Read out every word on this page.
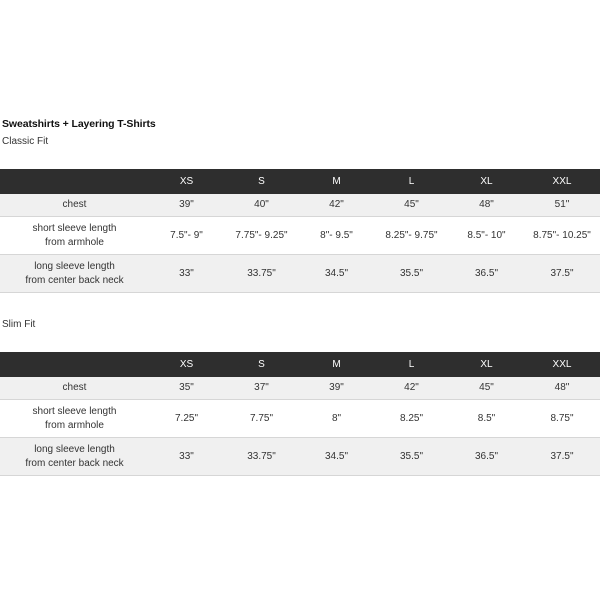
Sweatshirts + Layering T-Shirts
Classic Fit
	XS	S	M	L	XL	XXL
chest	39"	40"	42"	45"	48"	51"
short sleeve length
from armhole	7.5"- 9"	7.75"- 9.25"	8"- 9.5"	8.25"- 9.75"	8.5"- 10"	8.75"- 10.25"
long sleeve length
from center back neck	33"	33.75"	34.5"	35.5"	36.5"	37.5"
Slim Fit
	XS	S	M	L	XL	XXL
chest	35"	37"	39"	42"	45"	48"
short sleeve length
from armhole	7.25"	7.75"	8"	8.25"	8.5"	8.75"
long sleeve length
from center back neck	33"	33.75"	34.5"	35.5"	36.5"	37.5"
